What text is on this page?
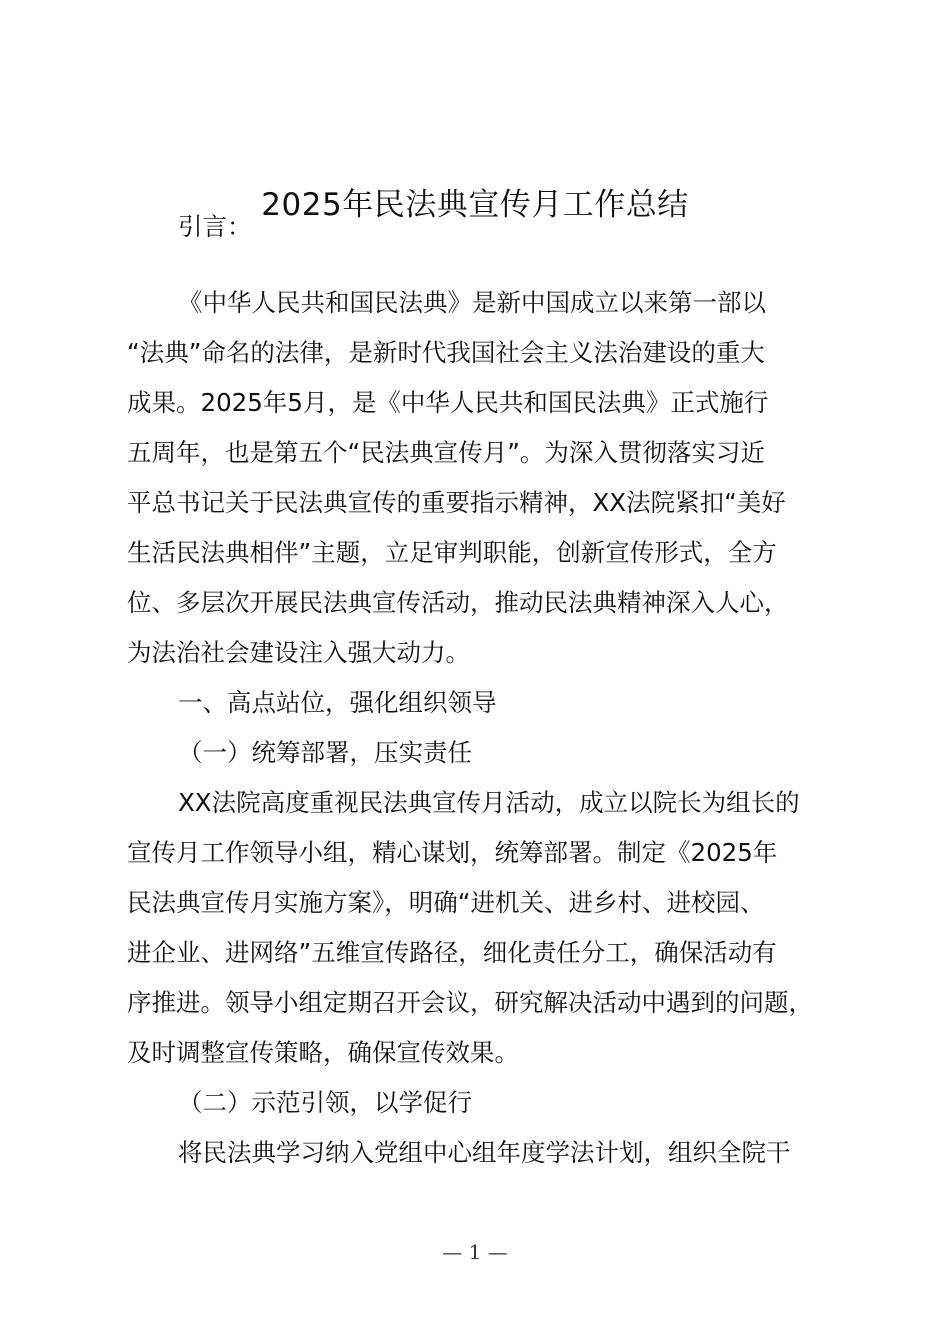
2025年民法典宣传月工作总结
引言：
《中华人民共和国民法典》是新中国成立以来第一部以
“法典”命名的法律，是新时代我国社会主义法治建设的重大
成果。2025年5月，是《中华人民共和国民法典》正式施行
五周年，也是第五个“民法典宣传月”。为深入贯彻落实习近
平总书记关于民法典宣传的重要指示精神，XX法院紧扣“美好
生活民法典相伴”主题，立足审判职能，创新宣传形式，全方
位、多层次开展民法典宣传活动，推动民法典精神深入人心，
为法治社会建设注入强大动力。
一、高点站位，强化组织领导
（一）统筹部署，压实责任
XX法院高度重视民法典宣传月活动，成立以院长为组长的
宣传月工作领导小组，精心谋划，统筹部署。制定《2025年
民法典宣传月实施方案》，明确“进机关、进乡村、进校园、
进企业、进网络”五维宣传路径，细化责任分工，确保活动有
序推进。领导小组定期召开会议，研究解决活动中遇到的问题，
及时调整宣传策略，确保宣传效果。
（二）示范引领，以学促行
将民法典学习纳入党组中心组年度学法计划，组织全院干
— 1 —
